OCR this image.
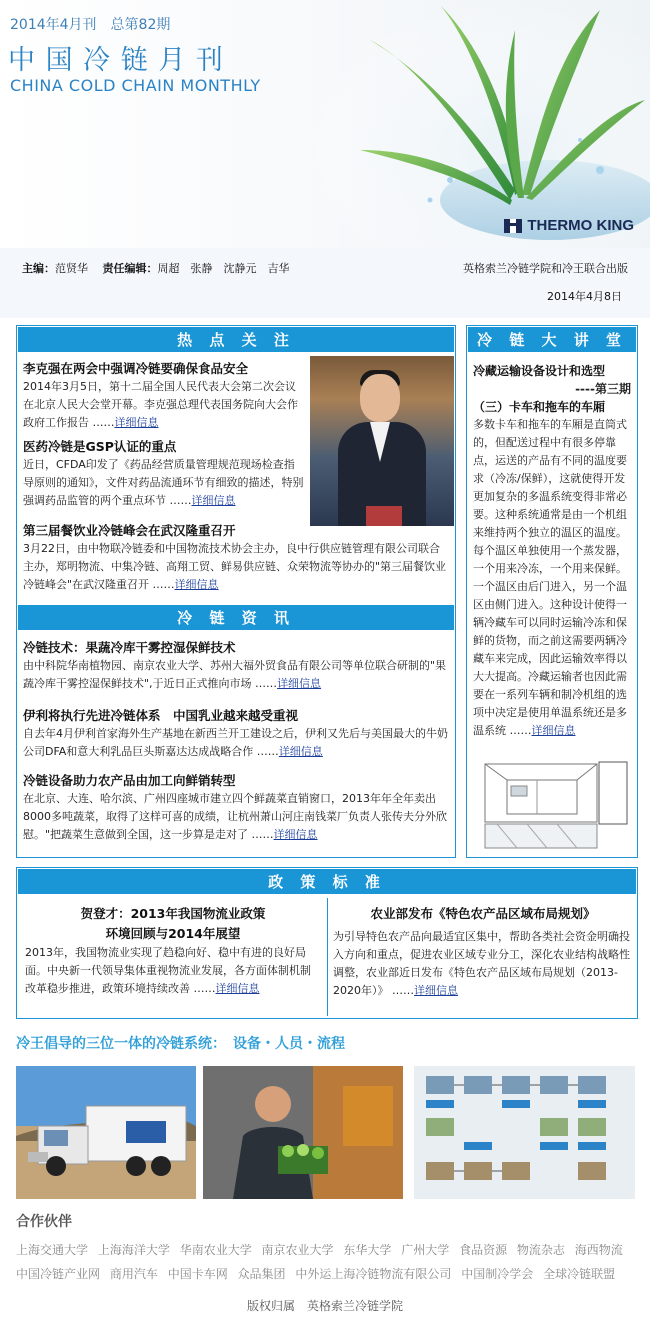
2014年4月刊　总第82期
中 国 冷 链 月 刊
CHINA COLD CHAIN MONTHLY
THERMO KING
主编：范贤华　 责任编辑：周超　张静　沈静元　吉华	英格索兰冷链学院和冷王联合出版
2014年4月8日
热 点 关 注
李克强在两会中强调冷链要确保食品安全

2014年3月5日，第十二届全国人民代表大会第二次会议在北京人民大会堂开幕。李克强总理代表国务院向大会作政府工作报告 ……详细信息

医药冷链是GSP认证的重点

近日，CFDA印发了《药品经营质量管理规范现场检查指导原则的通知》，文件对药品流通环节有细致的描述，特别强调药品监管的两个重点环节 ……详细信息

第三届餐饮业冷链峰会在武汉隆重召开

3月22日，由中物联冷链委和中国物流技术协会主办，良中行供应链管理有限公司联合主办，郑明物流、中集冷链、高翔工贸、鲜易供应链、众荣物流等协办的"第三届餐饮业冷链峰会"在武汉隆重召开 ……详细信息

冷 链 资 讯
冷链技术：果蔬冷库干雾控湿保鲜技术

由中科院华南植物园、南京农业大学、苏州大福外贸食品有限公司等单位联合研制的"果蔬冷库干雾控湿保鲜技术",于近日正式推向市场 ……详细信息

伊利将执行先进冷链体系　中国乳业越来越受重视

自去年4月伊利首家海外生产基地在新西兰开工建设之后，伊利又先后与美国最大的牛奶公司DFA和意大利乳品巨头斯嘉达达成战略合作 ……详细信息

冷链设备助力农产品由加工向鲜销转型

在北京、大连、哈尔滨、广州四座城市建立四个鲜蔬菜直销窗口，2013年年全年卖出8000多吨蔬菜，取得了这样可喜的成绩，让杭州萧山河庄南钱菜厂负责人张传夫分外欣慰。"把蔬菜生意做到全国，这一步算是走对了 ……详细信息

冷 链 大 讲 堂
冷藏运输设备设计和选型
----第三期
（三）卡车和拖车的车厢

多数卡车和拖车的车厢是直筒式的，但配送过程中有很多停靠点，运送的产品有不同的温度要求（冷冻/保鲜），这就使得开发更加复杂的多温系统变得非常必要。这种系统通常是由一个机组来维持两个独立的温区的温度。每个温区单独使用一个蒸发器，一个用来冷冻，一个用来保鲜。一个温区由后门进入，另一个温区由侧门进入。这种设计使得一辆冷藏车可以同时运输冷冻和保鲜的货物，而之前这需要两辆冷藏车来完成，因此运输效率得以大大提高。冷藏运输者也因此需要在一系列车辆和制冷机组的选项中决定是使用单温系统还是多温系统 ……详细信息

政 策 标 准
贺登才：2013年我国物流业政策
环境回顾与2014年展望

2013年，我国物流业实现了趋稳向好、稳中有进的良好局面。中央新一代领导集体重视物流业发展，各方面体制机制改革稳步推进，政策环境持续改善 ……详细信息

农业部发布《特色农产品区域布局规划》

为引导特色农产品向最适宜区集中，帮助各类社会资金明确投入方向和重点，促进农业区域专业分工，深化农业结构战略性调整，农业部近日发布《特色农产品区域布局规划（2013-2020年）》 ……详细信息

冷王倡导的三位一体的冷链系统：　设备・人员・流程
合作伙伴
上海交通大学 上海海洋大学 华南农业大学 南京农业大学 东华大学 广州大学 食品资源 物流杂志 海西物流
中国冷链产业网 商用汽车 中国卡车网 众品集团 中外运上海冷链物流有限公司 中国制冷学会 全球冷链联盟
版权归属　英格索兰冷链学院
